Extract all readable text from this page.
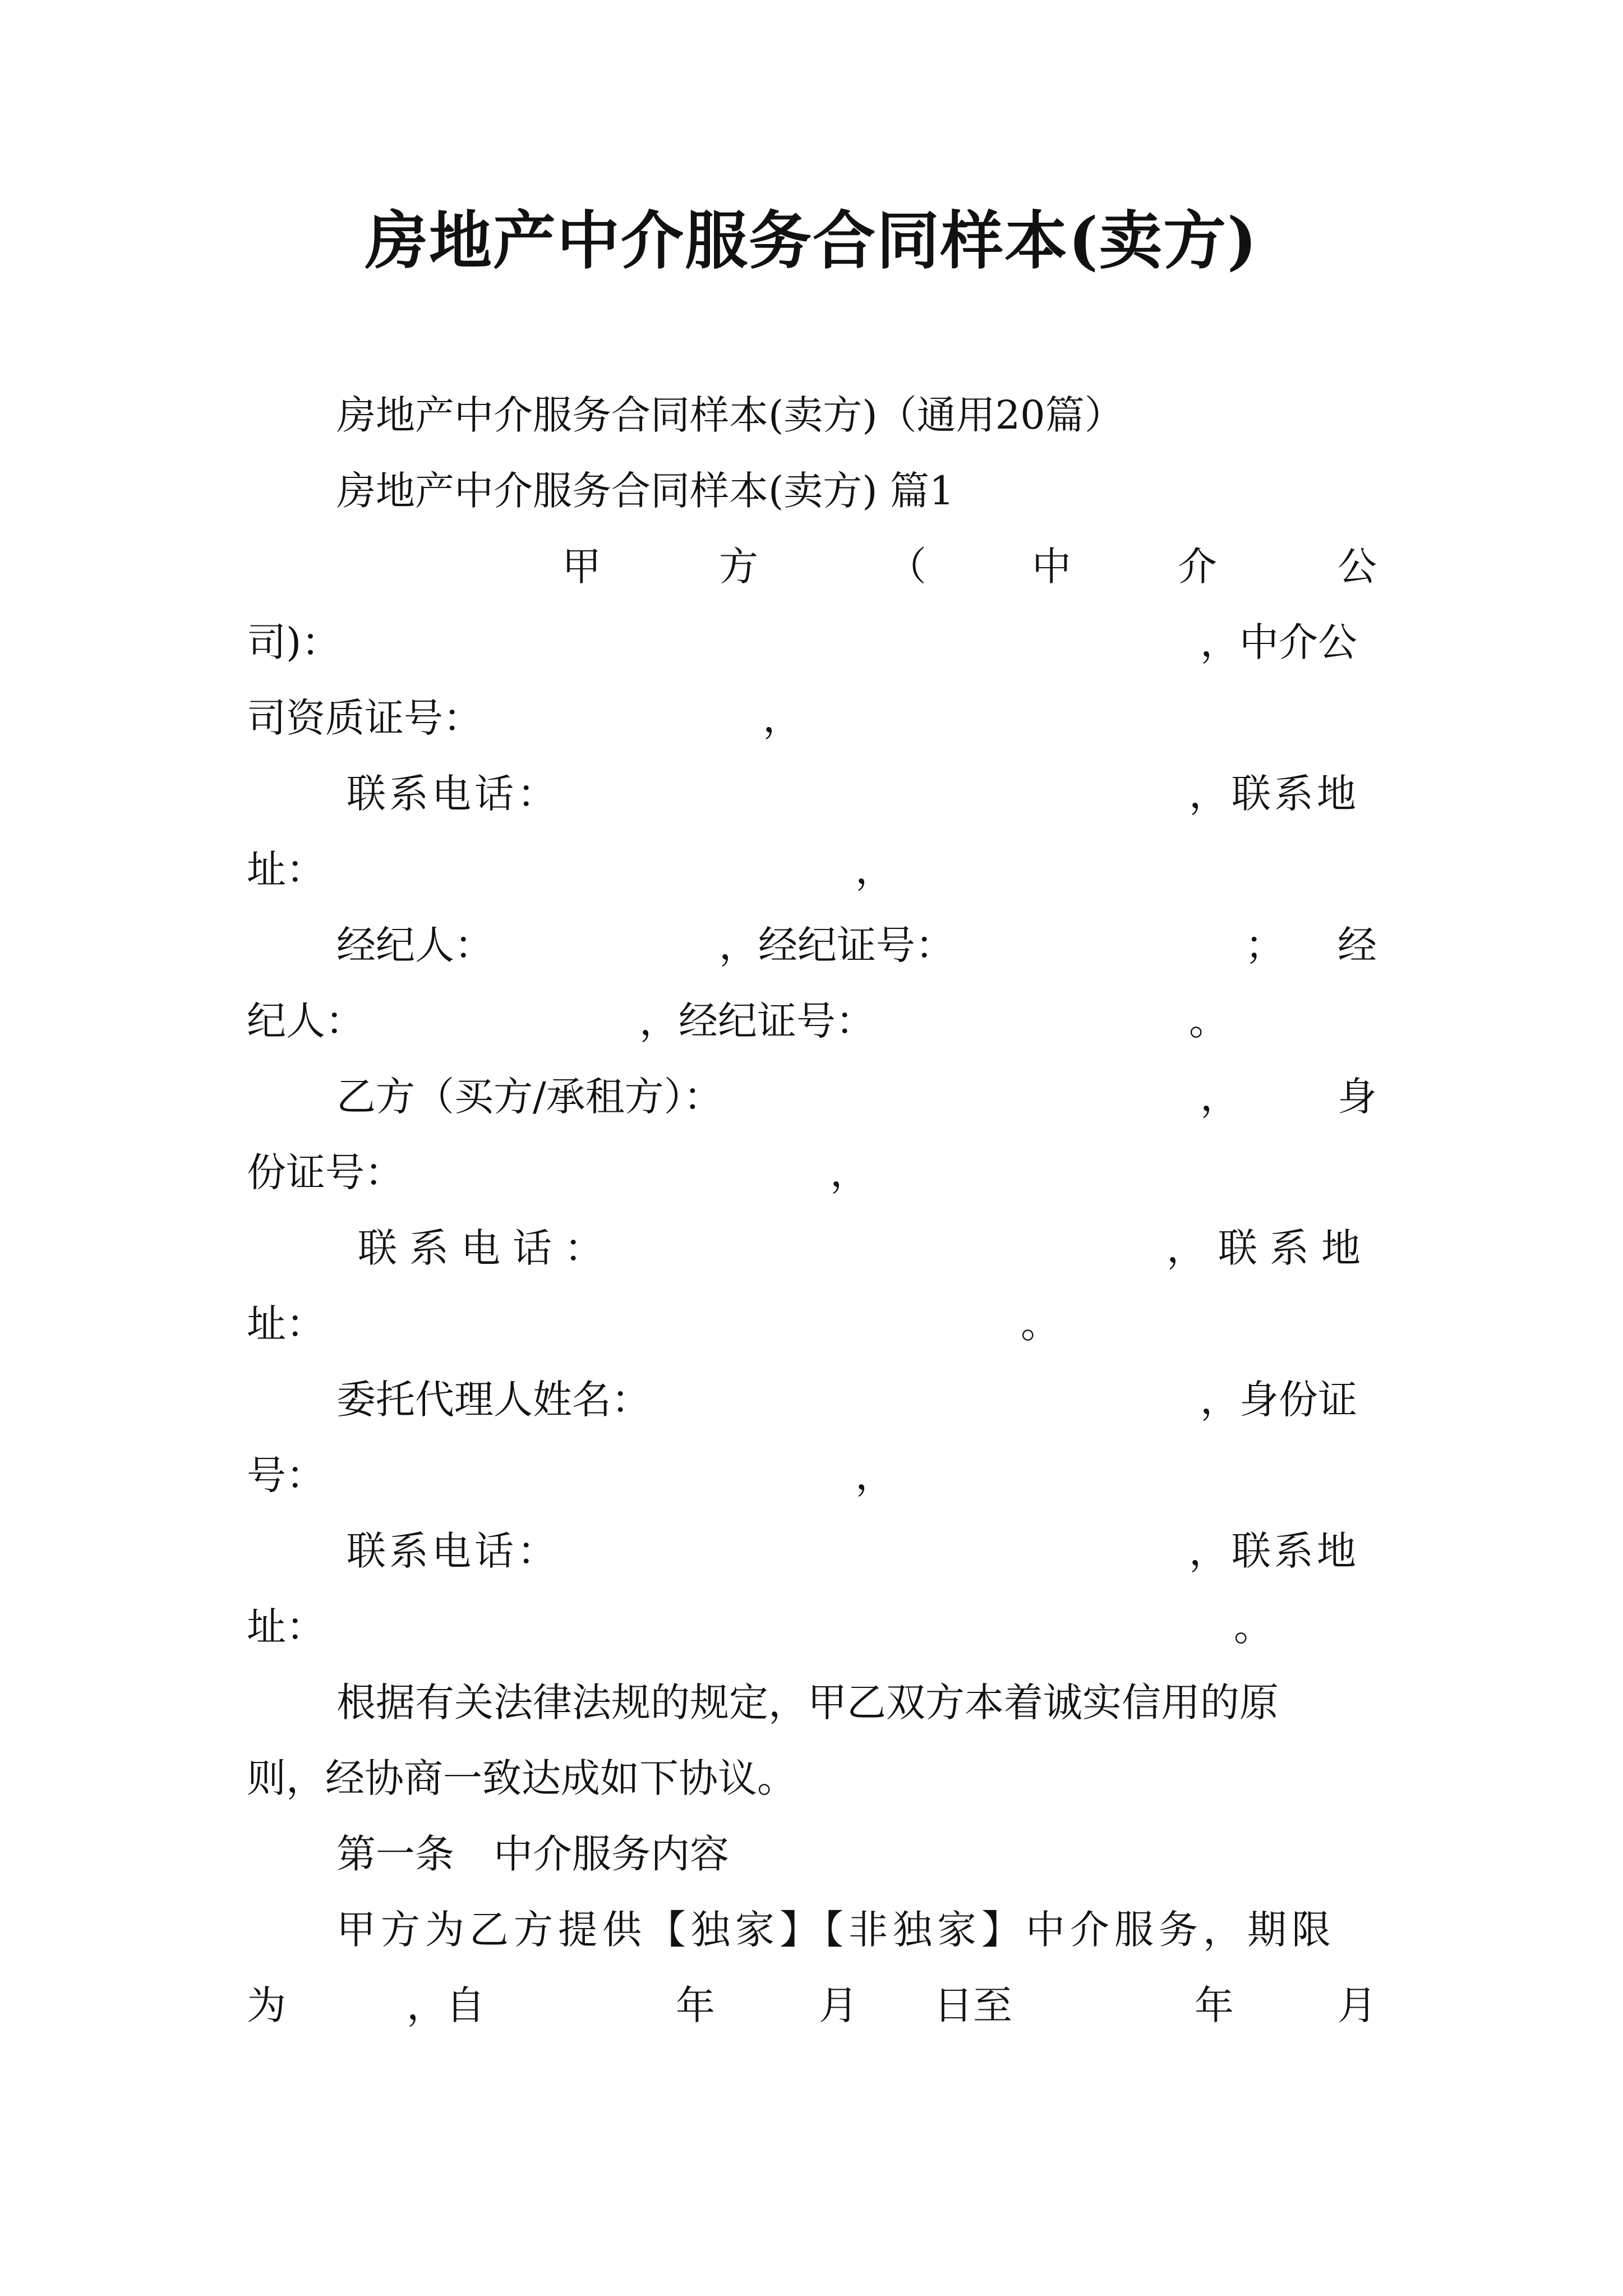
房地产中介服务合同样本(卖方)
房地产中介服务合同样本(卖方)（通用20篇）
房地产中介服务合同样本(卖方) 篇1
甲	方	（	中	介	公
司)：	，中介公
司资质证号：	，
联系电话：	，联系地
址：	，
经纪人：	，经纪证号：	； 经
纪人：	，经纪证号：	。
乙方（买方/承租方）：	，	身
份证号：	，
联系电话：	，联系地
址：	。
委托代理人姓名：	，身份证
号：	，
联系电话：	，联系地
址：	。
根据有关法律法规的规定，甲乙双方本着诚实信用的原
则，经协商一致达成如下协议。
第一条　中介服务内容
甲方为乙方提供【独家】【非独家】中介服务，期限
为	，自	年	月 日至	年	月
